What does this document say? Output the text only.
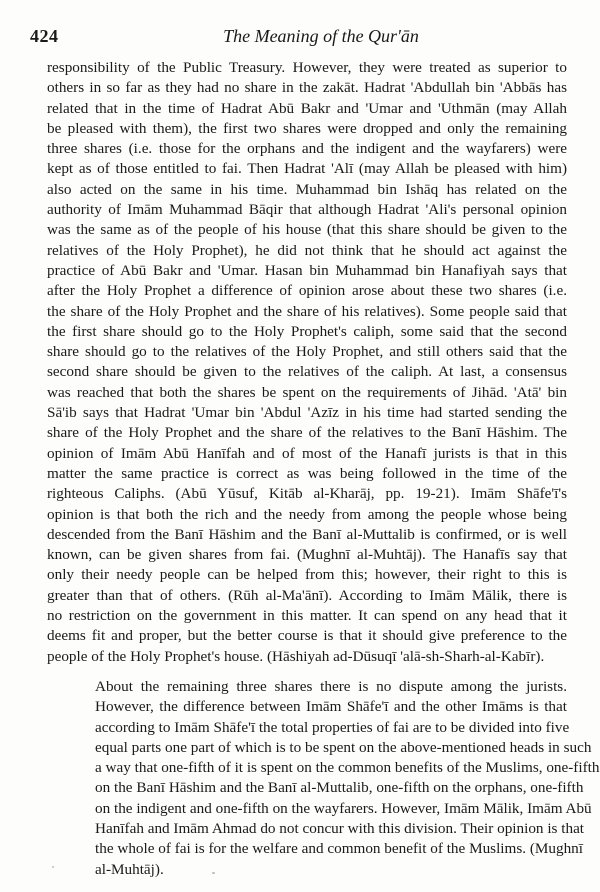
424	The Meaning of the Qur'ān

responsibility of the Public Treasury. However, they were treated as superior to
others in so far as they had no share in the zakāt. Hadrat 'Abdullah bin 'Abbās has
related that in the time of Hadrat Abū Bakr and 'Umar and 'Uthmān (may Allah
be pleased with them), the first two shares were dropped and only the remaining
three shares (i.e. those for the orphans and the indigent and the wayfarers) were
kept as of those entitled to fai. Then Hadrat 'Alī (may Allah be pleased with him)
also acted on the same in his time. Muhammad bin Ishāq has related on the
authority of Imām Muhammad Bāqir that although Hadrat 'Ali's personal opinion
was the same as of the people of his house (that this share should be given to the
relatives of the Holy Prophet), he did not think that he should act against the
practice of Abū Bakr and 'Umar. Hasan bin Muhammad bin Hanafiyah says that
after the Holy Prophet a difference of opinion arose about these two shares (i.e.
the share of the Holy Prophet and the share of his relatives). Some people said that
the first share should go to the Holy Prophet's caliph, some said that the second
share should go to the relatives of the Holy Prophet, and still others said that the
second share should be given to the relatives of the caliph. At last, a consensus
was reached that both the shares be spent on the requirements of Jihād. 'Atā' bin
Sā'ib says that Hadrat 'Umar bin 'Abdul 'Azīz in his time had started sending the
share of the Holy Prophet and the share of the relatives to the Banī Hāshim. The
opinion of Imām Abū Hanīfah and of most of the Hanafī jurists is that in this
matter the same practice is correct as was being followed in the time of the
righteous Caliphs. (Abū Yūsuf, Kitāb al-Kharāj, pp. 19-21). Imām Shāfe'ī's
opinion is that both the rich and the needy from among the people whose being
descended from the Banī Hāshim and the Banī al-Muttalib is confirmed, or is well
known, can be given shares from fai. (Mughnī al-Muhtāj). The Hanafīs say that
only their needy people can be helped from this; however, their right to this is
greater than that of others. (Rūh al-Ma'ānī). According to Imām Mālik, there is
no restriction on the government in this matter. It can spend on any head that it
deems fit and proper, but the better course is that it should give preference to the
people of the Holy Prophet's house. (Hāshiyah ad-Dūsuqī 'alā-sh-Sharh-al-Kabīr).

About the remaining three shares there is no dispute among the jurists.
However, the difference between Imām Shāfe'ī and the other Imāms is that
according to Imām Shāfe'ī the total properties of fai are to be divided into five
equal parts one part of which is to be spent on the above-mentioned heads in such
a way that one-fifth of it is spent on the common benefits of the Muslims, one-fifth
on the Banī Hāshim and the Banī al-Muttalib, one-fifth on the orphans, one-fifth
on the indigent and one-fifth on the wayfarers. However, Imām Mālik, Imām Abū
Hanīfah and Imām Ahmad do not concur with this division. Their opinion is that
the whole of fai is for the welfare and common benefit of the Muslims. (Mughnī
al-Muhtāj).
